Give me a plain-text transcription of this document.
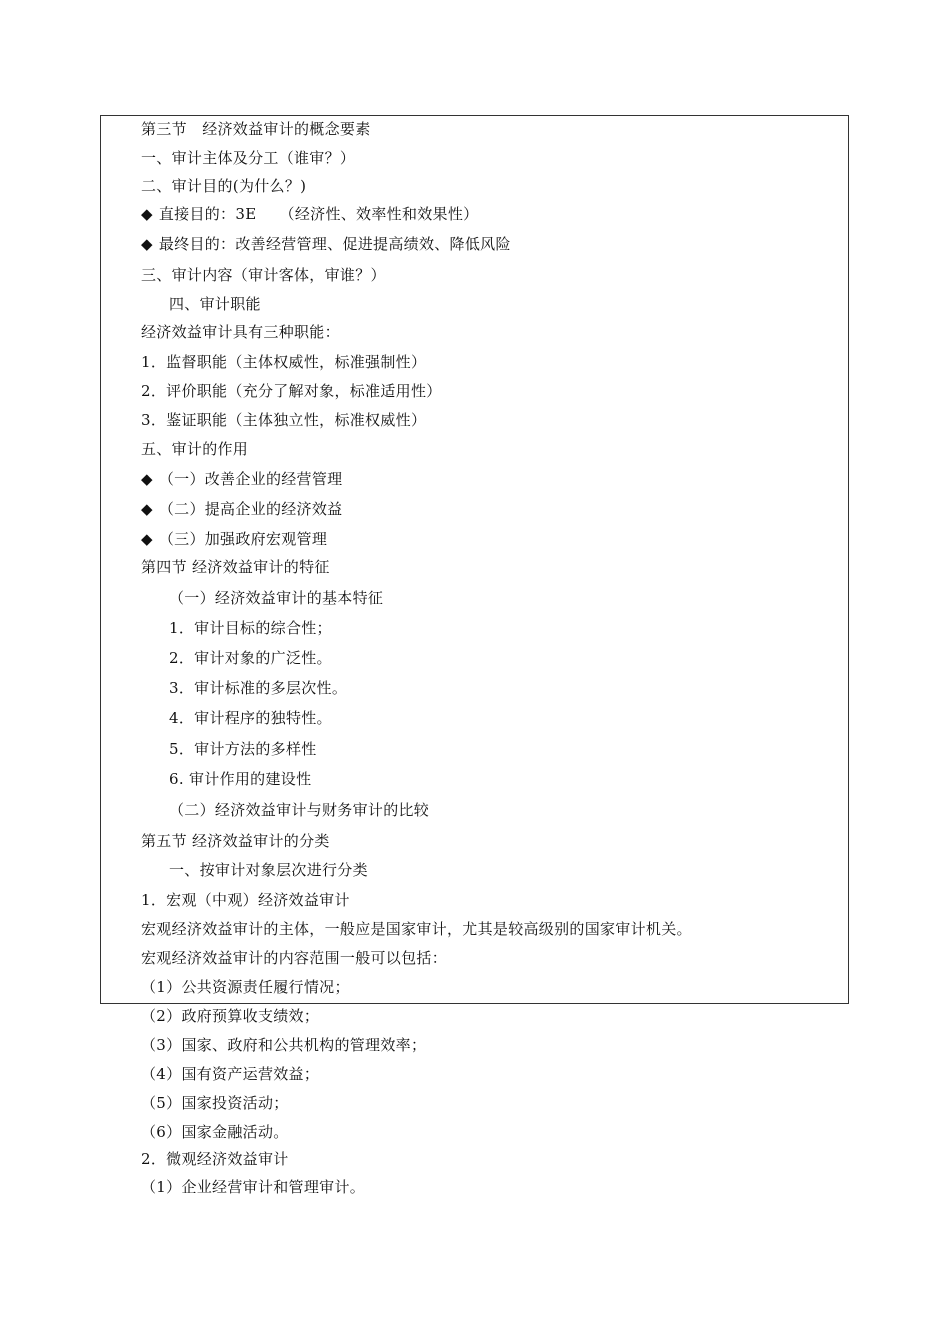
第三节　经济效益审计的概念要素
一、审计主体及分工（谁审？）
二、审计目的(为什么？)
◆ 直接目的：3E　　（经济性、效率性和效果性）
◆ 最终目的：改善经营管理、促进提高绩效、降低风险
三、审计内容（审计客体，审谁？）
四、审计职能
经济效益审计具有三种职能：
1．监督职能（主体权威性，标准强制性）
2．评价职能（充分了解对象，标准适用性）
3．鉴证职能（主体独立性，标准权威性）
五、审计的作用
◆ （一）改善企业的经营管理
◆ （二）提高企业的经济效益
◆ （三）加强政府宏观管理
第四节 经济效益审计的特征
（一）经济效益审计的基本特征
1．审计目标的综合性；
2．审计对象的广泛性。
3．审计标准的多层次性。
4．审计程序的独特性。
5．审计方法的多样性
6. 审计作用的建设性
（二）经济效益审计与财务审计的比较
第五节 经济效益审计的分类
一、按审计对象层次进行分类
1．宏观（中观）经济效益审计
宏观经济效益审计的主体，一般应是国家审计，尤其是较高级别的国家审计机关。
宏观经济效益审计的内容范围一般可以包括：
（1）公共资源责任履行情况；
（2）政府预算收支绩效；
（3）国家、政府和公共机构的管理效率；
（4）国有资产运营效益；
（5）国家投资活动；
（6）国家金融活动。
2．微观经济效益审计
（1）企业经营审计和管理审计。
